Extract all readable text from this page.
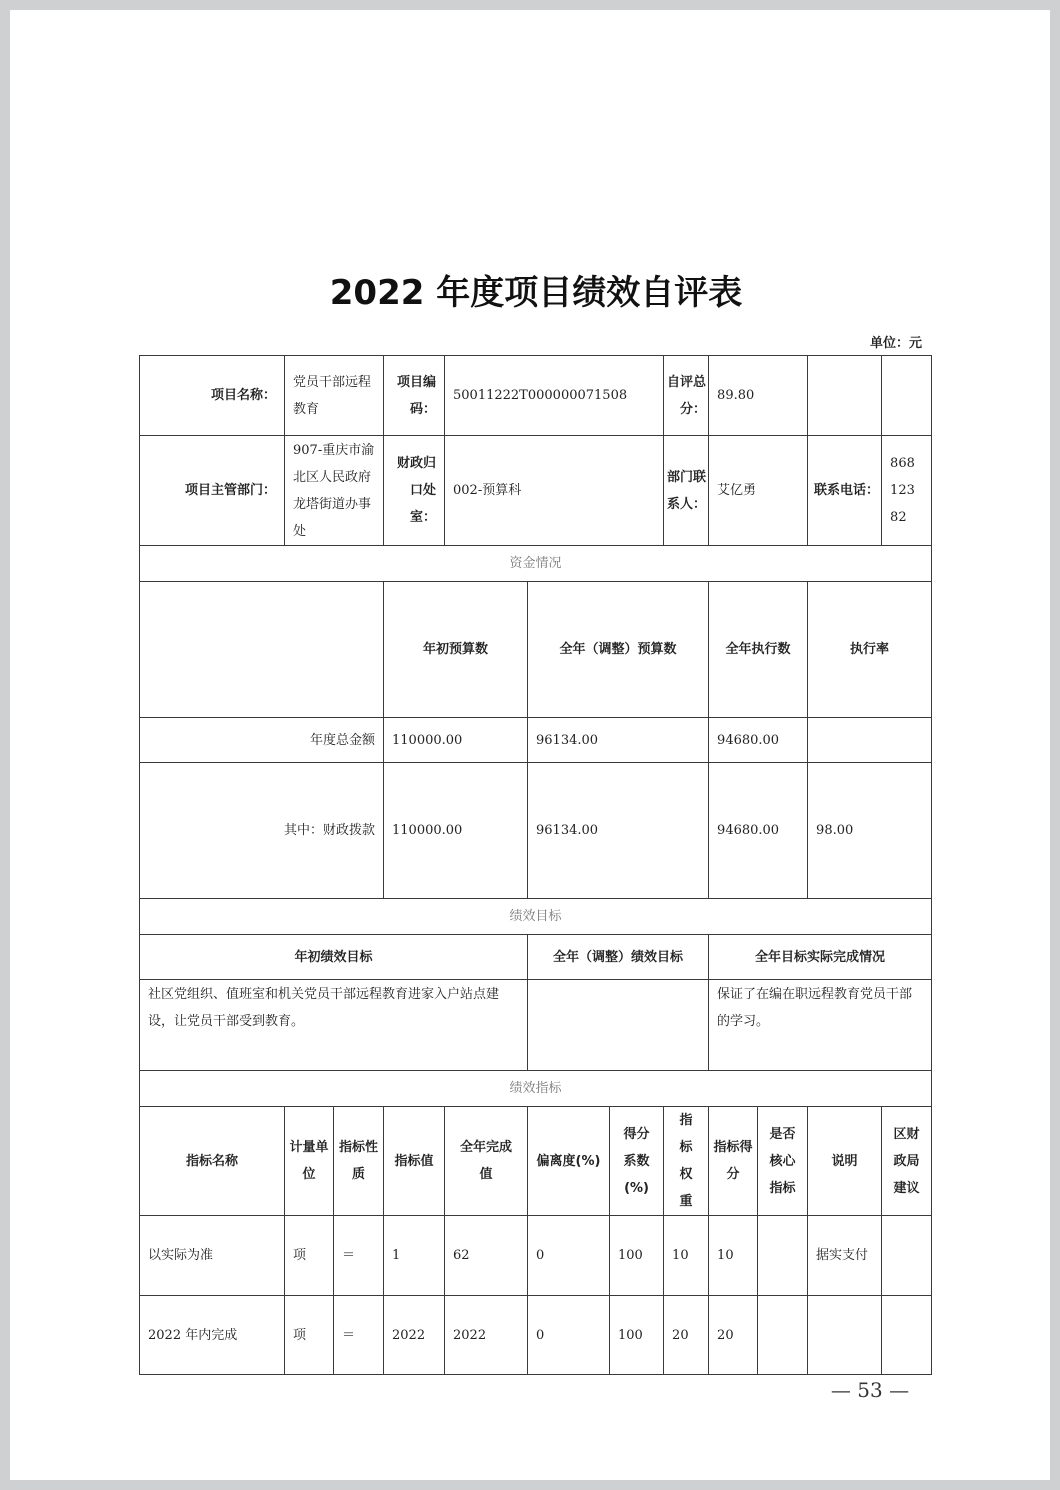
2022 年度项目绩效自评表
单位：元
项目名称：	党员干部远程教育		项目编码：	50011222T000000071508			自评总分：	89.80				
项目主管部门：	907-重庆市渝北区人民政府龙塔街道办事处		财政归口处室：	002-预算科			部门联系人：	艾亿勇		联系电话：	86812382	
资金情况												
			年初预算数		全年（调整）预算数			全年执行数		执行率		
年度总金额			110000.00		96134.00			94680.00				
其中：财政拨款			110000.00		96134.00			94680.00		98.00		
绩效目标												
年初绩效目标					全年（调整）绩效目标			全年目标实际完成情况				
社区党组织、值班室和机关党员干部远程教育进家入户站点建设，让党员干部受到教育。								保证了在编在职远程教育党员干部的学习。				
绩效指标												
指标名称	计量单位	指标性质	指标值	全年完成值	偏离度(%)	得分系数(%)	指标权重	指标得分	是否核心指标	说明	区财政局建议	
以实际为准	项	＝	1	62	0	100	10	10		据实支付		
2022 年内完成	项	＝	2022	2022	0	100	20	20				
— 53 —
